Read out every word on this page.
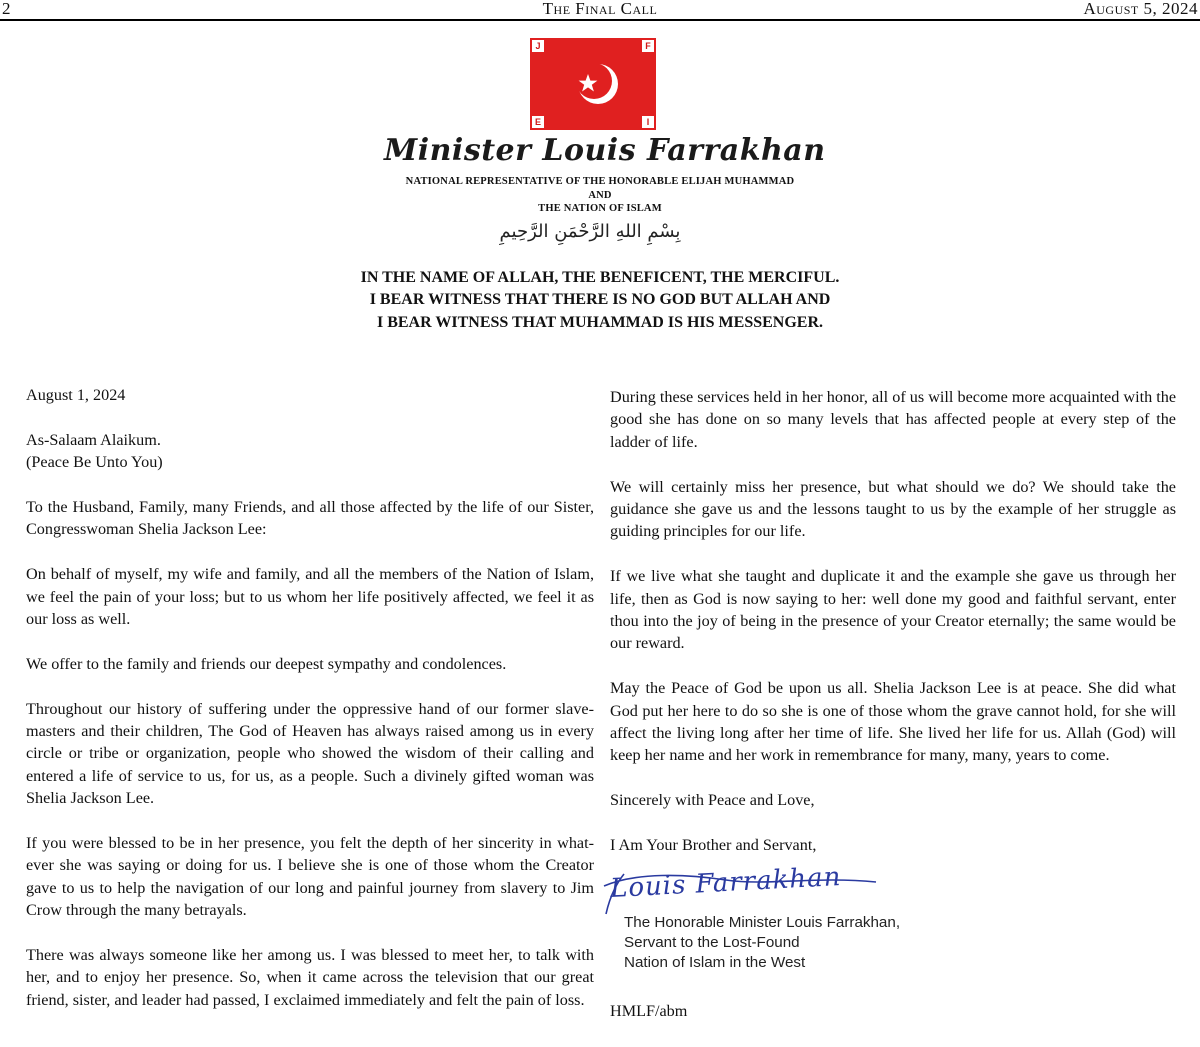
2	The Final Call	August 5, 2024
J	F
E	I
Minister Louis Farrakhan
NATIONAL REPRESENTATIVE OF THE HONORABLE ELIJAH MUHAMMAD
AND
THE NATION OF ISLAM
بِسْمِ اللهِ الرَّحْمَنِ الرَّحِيمِ
IN THE NAME OF ALLAH, THE BENEFICENT, THE MERCIFUL.
I BEAR WITNESS THAT THERE IS NO GOD BUT ALLAH AND
I BEAR WITNESS THAT MUHAMMAD IS HIS MESSENGER.

August 1, 2024

As-Salaam Alaikum.

(Peace Be Unto You)

To the Husband, Family, many Friends, and all those affected by the life of our Sister, Congresswoman Shelia Jackson Lee:

On behalf of myself, my wife and family, and all the members of the Nation of Islam, we feel the pain of your loss; but to us whom her life positively affected, we feel it as our loss as well.

We offer to the family and friends our deepest sympathy and condolences.

Throughout our history of suffering under the oppressive hand of our former slave-masters and their children, The God of Heaven has always raised among us in every circle or tribe or organization, people who showed the wisdom of their calling and entered a life of service to us, for us, as a people. Such a divinely gifted woman was Shelia Jackson Lee.

If you were blessed to be in her presence, you felt the depth of her sincerity in what-ever she was saying or doing for us. I believe she is one of those whom the Creator gave to us to help the navigation of our long and painful journey from slavery to Jim Crow through the many betrayals.

There was always someone like her among us. I was blessed to meet her, to talk with her, and to enjoy her presence. So, when it came across the television that our great friend, sister, and leader had passed, I exclaimed immediately and felt the pain of loss.

During these services held in her honor, all of us will become more acquainted with the good she has done on so many levels that has affected people at every step of the ladder of life.

We will certainly miss her presence, but what should we do? We should take the guidance she gave us and the lessons taught to us by the example of her struggle as guiding principles for our life.

If we live what she taught and duplicate it and the example she gave us through her life, then as God is now saying to her: well done my good and faithful servant, enter thou into the joy of being in the presence of your Creator eternally; the same would be our reward.

May the Peace of God be upon us all. Shelia Jackson Lee is at peace. She did what God put her here to do so she is one of those whom the grave cannot hold, for she will affect the living long after her time of life. She lived her life for us. Allah (God) will keep her name and her work in remembrance for many, many, years to come.

Sincerely with Peace and Love,

I Am Your Brother and Servant,

Louis Farrakhan
The Honorable Minister Louis Farrakhan,
Servant to the Lost-Found
Nation of Islam in the West
HMLF/abm
